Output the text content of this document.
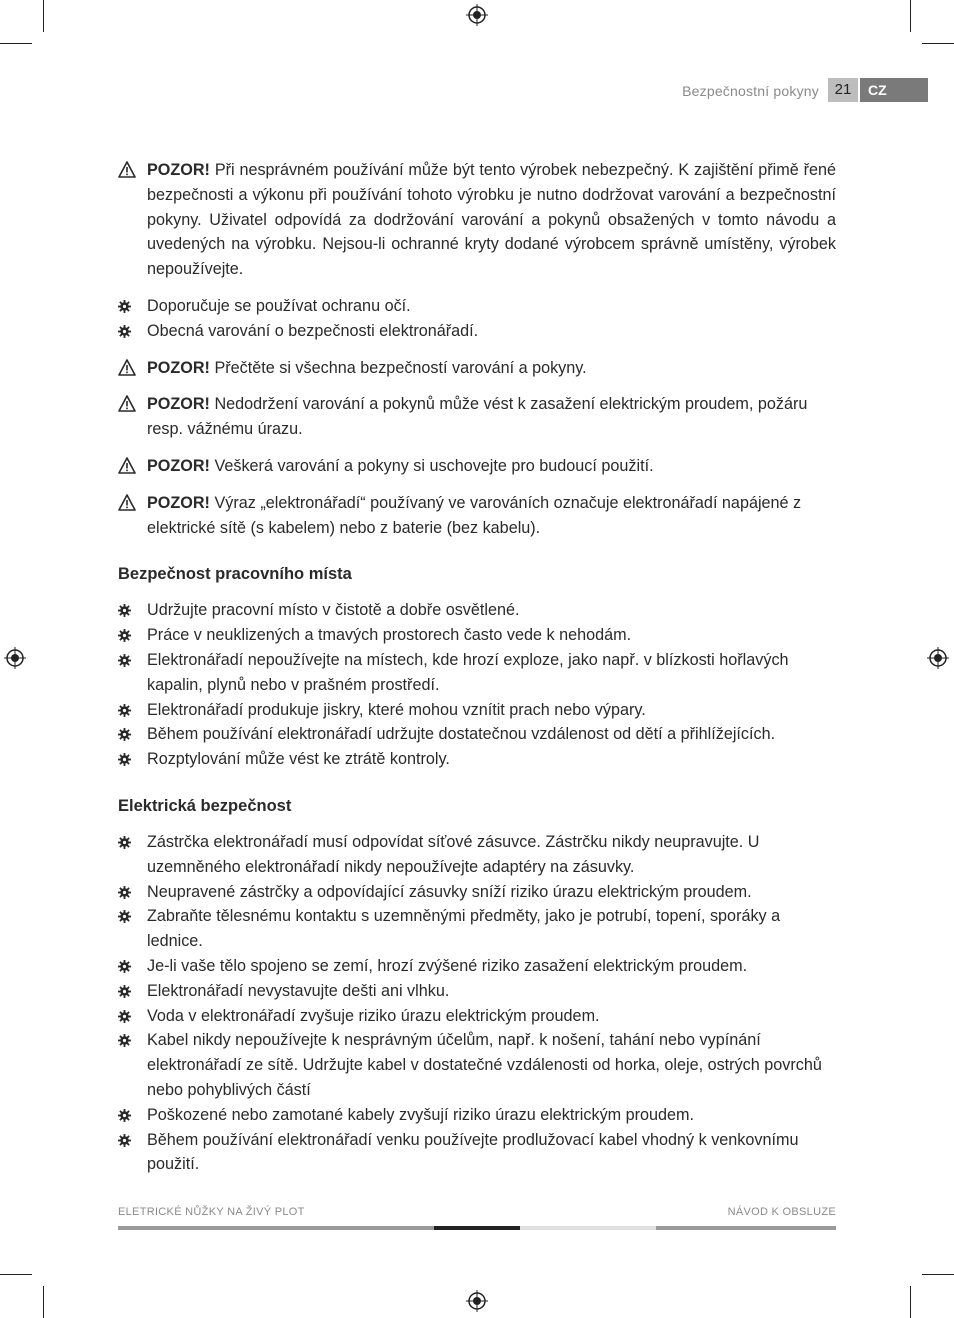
Bezpečnostní pokyny	21	CZ
POZOR! Při nesprávném používání může být tento výrobek nebezpečný. K zajištění přimě řené bezpečnosti a výkonu při používání tohoto výrobku je nutno dodržovat varování a bezpečnostní pokyny. Uživatel odpovídá za dodržování varování a pokynů obsažených v tomto návodu a uvedených na výrobku. Nejsou-li ochranné kryty dodané výrobcem správně umístěny, výrobek nepoužívejte.
Doporučuje se používat ochranu očí.
Obecná varování o bezpečnosti elektronářadí.
POZOR! Přečtěte si všechna bezpečností varování a pokyny.
POZOR! Nedodržení varování a pokynů může vést k zasažení elektrickým proudem, požáru resp. vážnému úrazu.
POZOR! Veškerá varování a pokyny si uschovejte pro budoucí použití.
POZOR! Výraz „elektronářadí“ používaný ve varováních označuje elektronářadí napájené z elektrické sítě (s kabelem) nebo z baterie (bez kabelu).
Bezpečnost pracovního místa
Udržujte pracovní místo v čistotě a dobře osvětlené.
Práce v neuklizených a tmavých prostorech často vede k nehodám.
Elektronářadí nepoužívejte na místech, kde hrozí exploze, jako např. v blízkosti hořlavých kapalin, plynů nebo v prašném prostředí.
Elektronářadí produkuje jiskry, které mohou vznítit prach nebo výpary.
Během používání elektronářadí udržujte dostatečnou vzdálenost od dětí a přihlížejících.
Rozptylování může vést ke ztrátě kontroly.
Elektrická bezpečnost
Zástrčka elektronářadí musí odpovídat síťové zásuvce. Zástrčku nikdy neupravujte. U uzemněného elektronářadí nikdy nepoužívejte adaptéry na zásuvky.
Neupravené zástrčky a odpovídající zásuvky sníží riziko úrazu elektrickým proudem.
Zabraňte tělesnému kontaktu s uzemněnými předměty, jako je potrubí, topení, sporáky a lednice.
Je-li vaše tělo spojeno se zemí, hrozí zvýšené riziko zasažení elektrickým proudem.
Elektronářadí nevystavujte dešti ani vlhku.
Voda v elektronářadí zvyšuje riziko úrazu elektrickým proudem.
Kabel nikdy nepoužívejte k nesprávným účelům, např. k nošení, tahání nebo vypínání elektronářadí ze sítě. Udržujte kabel v dostatečné vzdálenosti od horka, oleje, ostrých povrchů nebo pohyblivých částí
Poškozené nebo zamotané kabely zvyšují riziko úrazu elektrickým proudem.
Během používání elektronářadí venku používejte prodlužovací kabel vhodný k venkovnímu použití.
ELETRICKÉ NŮŽKY NA ŽIVÝ PLOT	NÁVOD K OBSLUZE
